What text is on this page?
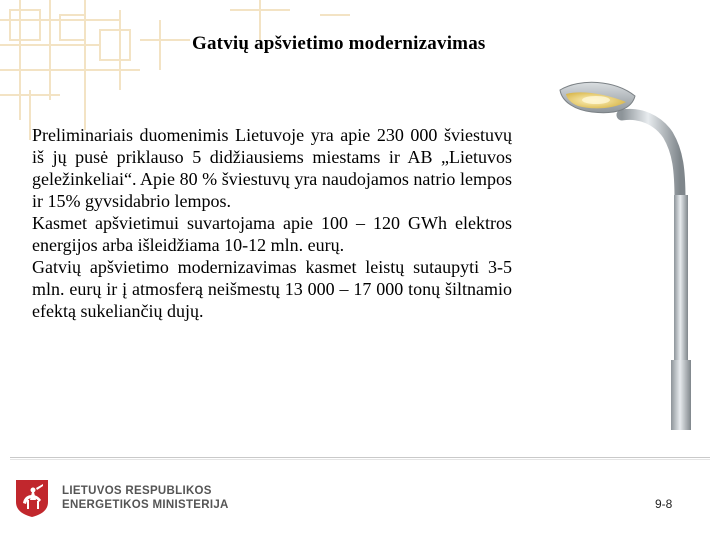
Gatvių apšvietimo modernizavimas

Preliminariais duomenimis Lietuvoje yra apie 230 000 šviestuvų iš jų pusė priklauso 5 didžiausiems miestams ir AB „Lietuvos geležinkeliai“. Apie 80 % šviestuvų yra naudojamos natrio lempos ir 15% gyvsidabrio lempos.

Kasmet apšvietimui suvartojama apie 100 – 120 GWh elektros energijos arba išleidžiama 10-12 mln. eurų.

Gatvių apšvietimo modernizavimas kasmet leistų sutaupyti 3-5 mln. eurų ir į atmosferą neišmestų 13 000 – 17 000 tonų šiltnamio efektą sukeliančių dujų.

LIETUVOS RESPUBLIKOS
ENERGETIKOS MINISTERIJA	9-8
